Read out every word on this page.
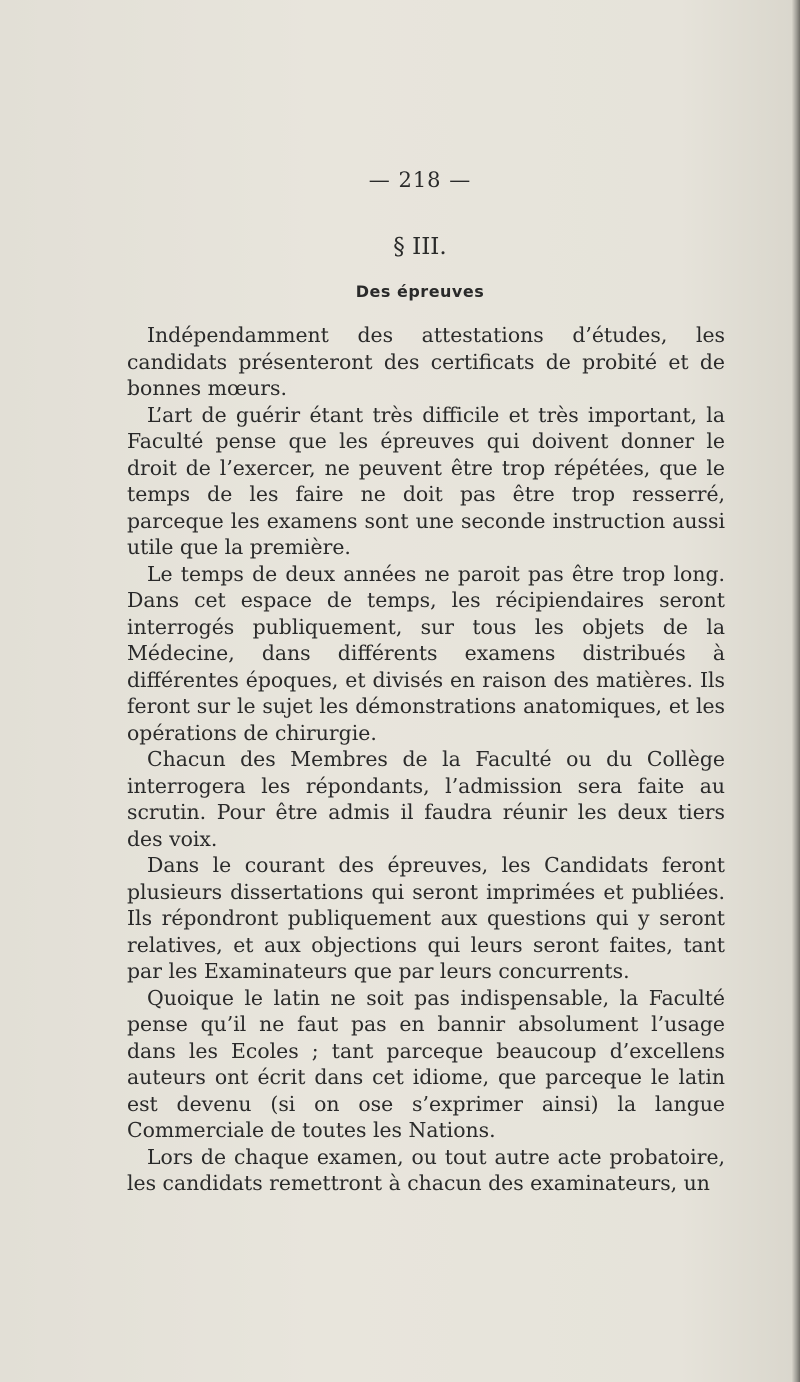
— 218 —

§ III.

Des épreuves

Indépendamment des attestations d’études, les candidats présenteront des certificats de probité et de bonnes mœurs.

L’art de guérir étant très difficile et très important, la Faculté pense que les épreuves qui doivent donner le droit de l’exercer, ne peuvent être trop répétées, que le temps de les faire ne doit pas être trop resserré, parceque les examens sont une seconde instruction aussi utile que la première.

Le temps de deux années ne paroit pas être trop long. Dans cet espace de temps, les récipiendaires seront interrogés publiquement, sur tous les objets de la Médecine, dans différents examens distribués à différentes époques, et divisés en raison des matières. Ils feront sur le sujet les démonstrations anatomiques, et les opérations de chirurgie.

Chacun des Membres de la Faculté ou du Collège interrogera les répondants, l’admission sera faite au scrutin. Pour être admis il faudra réunir les deux tiers des voix.

Dans le courant des épreuves, les Candidats feront plusieurs dissertations qui seront imprimées et publiées. Ils répondront publiquement aux questions qui y seront relatives, et aux objections qui leurs seront faites, tant par les Examinateurs que par leurs concurrents.

Quoique le latin ne soit pas indispensable, la Faculté pense qu’il ne faut pas en bannir absolument l’usage dans les Ecoles ; tant parceque beaucoup d’excellens auteurs ont écrit dans cet idiome, que parceque le latin est devenu (si on ose s’exprimer ainsi) la langue Commerciale de toutes les Nations.

Lors de chaque examen, ou tout autre acte probatoire, les candidats remettront à chacun des examinateurs, un
